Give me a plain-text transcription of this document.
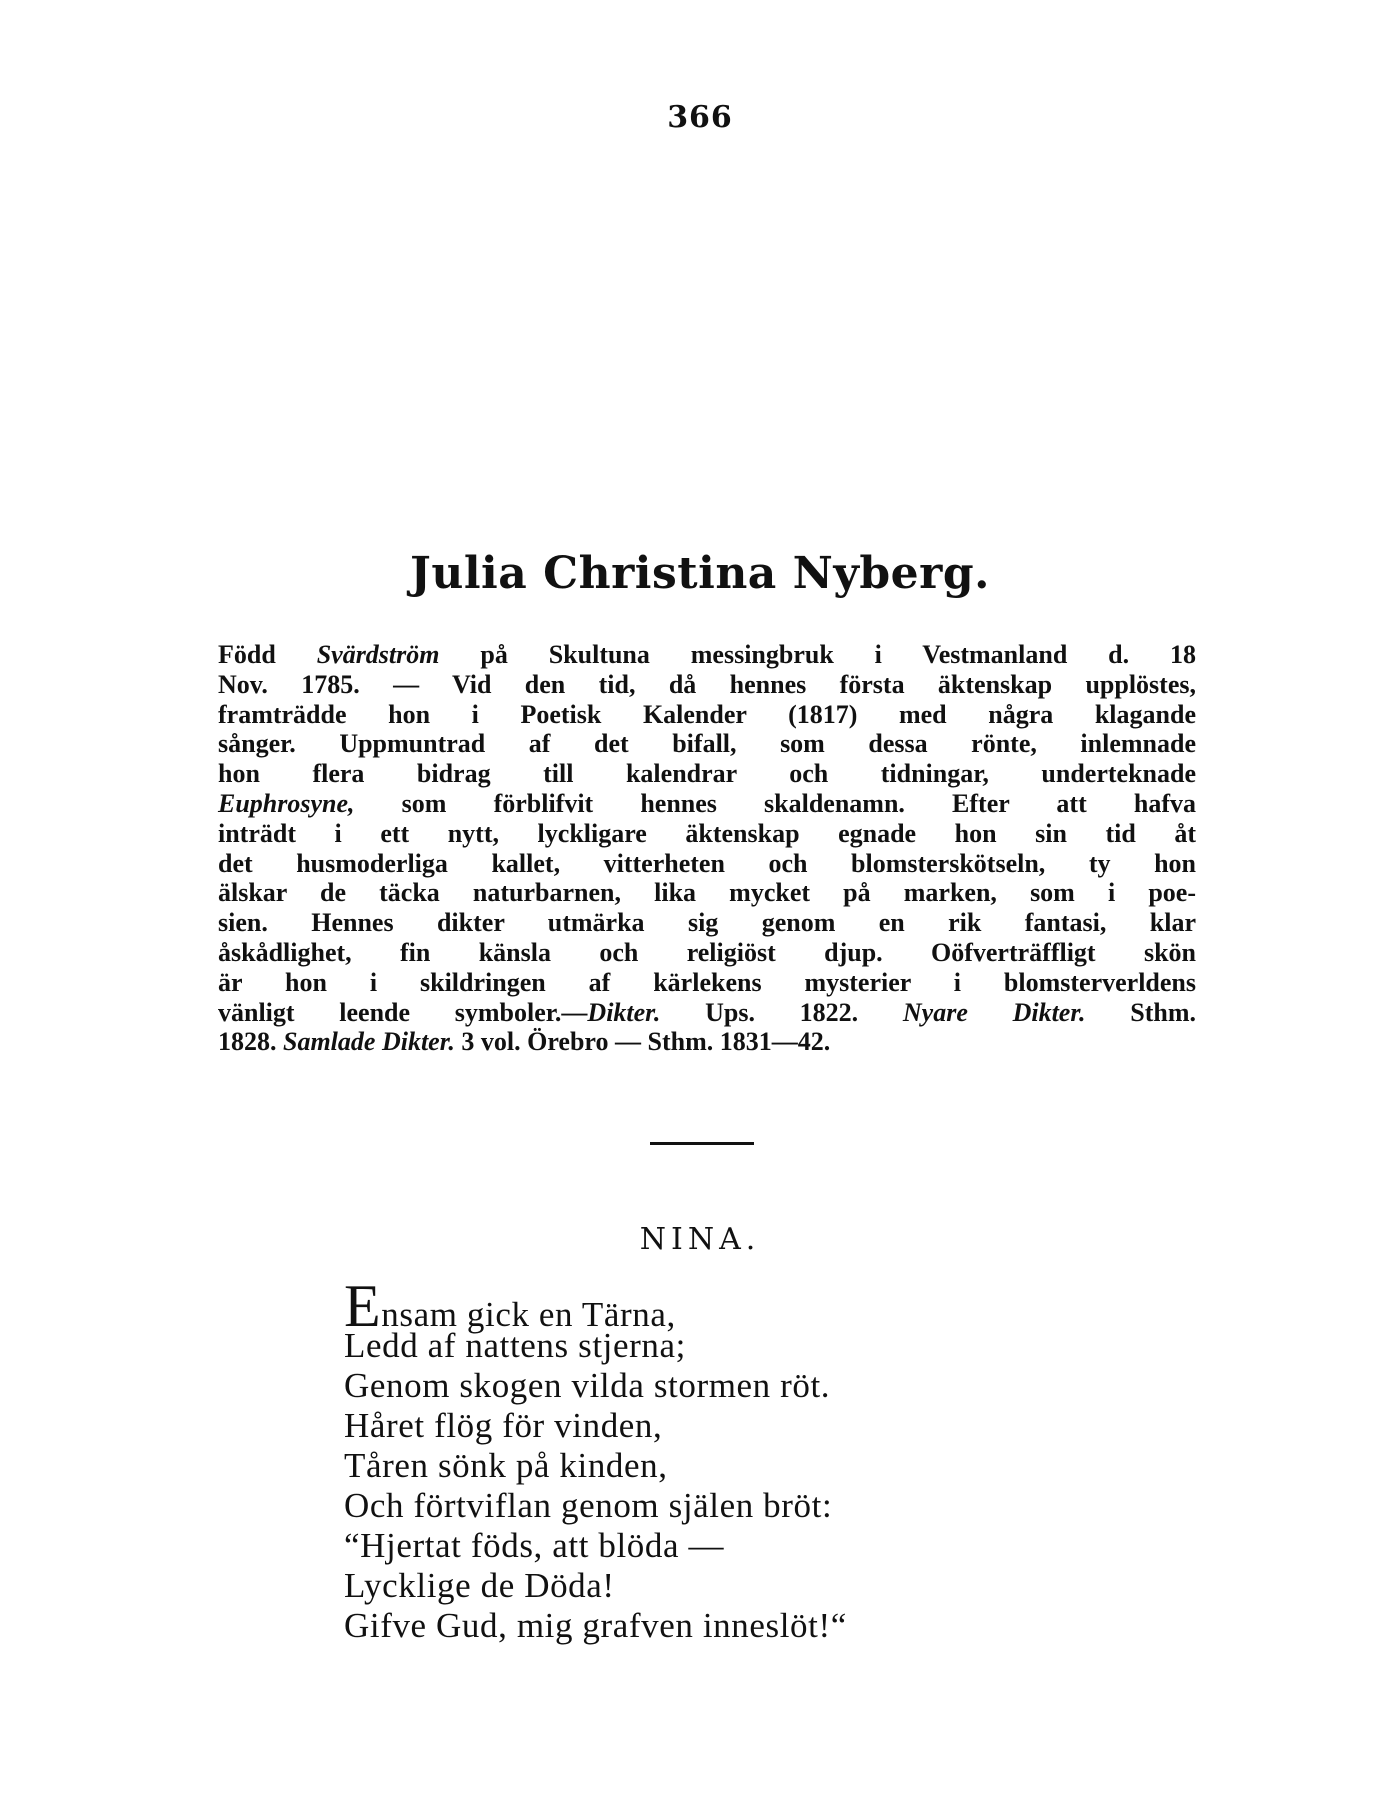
366
Julia Christina Nyberg.
Född Svärdström på Skultuna messingbruk i Vestmanland d. 18
Nov. 1785. — Vid den tid, då hennes första äktenskap upplöstes,
framträdde hon i Poetisk Kalender (1817) med några klagande
sånger. Uppmuntrad af det bifall, som dessa rönte, inlemnade
hon flera bidrag till kalendrar och tidningar, underteknade
Euphrosyne, som förblifvit hennes skaldenamn. Efter att hafva
inträdt i ett nytt, lyckligare äktenskap egnade hon sin tid åt
det husmoderliga kallet, vitterheten och blomsterskötseln, ty hon
älskar de täcka naturbarnen, lika mycket på marken, som i poe-
sien. Hennes dikter utmärka sig genom en rik fantasi, klar
åskådlighet, fin känsla och religiöst djup. Oöfverträffligt skön
är hon i skildringen af kärlekens mysterier i blomsterverldens
vänligt leende symboler.—Dikter. Ups. 1822. Nyare Dikter. Sthm.
1828. Samlade Dikter. 3 vol. Örebro — Sthm. 1831—42.
NINA.
Ensam gick en Tärna,
Ledd af nattens stjerna;
Genom skogen vilda stormen röt.
Håret flög för vinden,
Tåren sönk på kinden,
Och förtviflan genom själen bröt:
“Hjertat föds, att blöda —
Lycklige de Döda!
Gifve Gud, mig grafven inneslöt!“
